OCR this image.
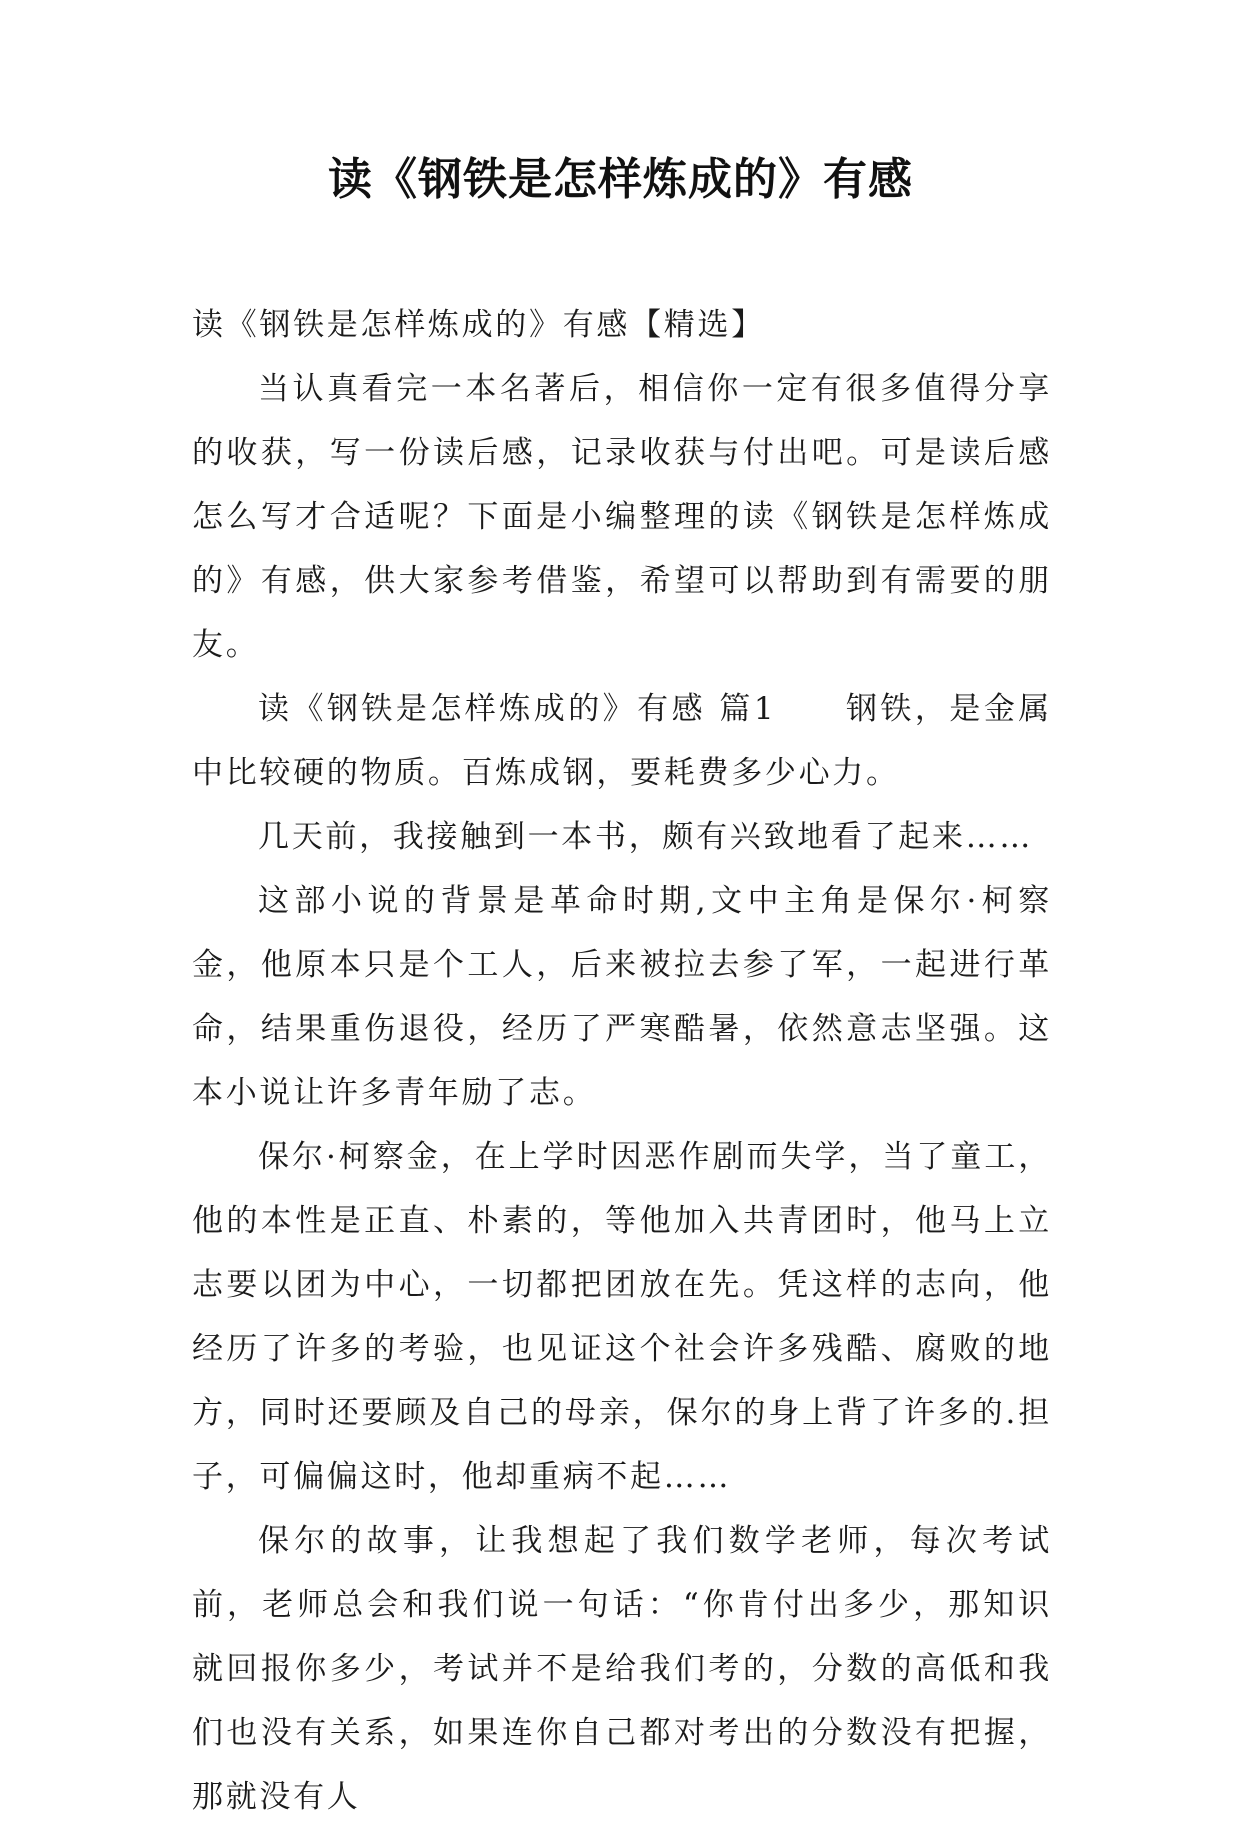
读《钢铁是怎样炼成的》有感

读《钢铁是怎样炼成的》有感【精选】

当认真看完一本名著后，相信你一定有很多值得分享的收获，写一份读后感，记录收获与付出吧。可是读后感怎么写才合适呢？下面是小编整理的读《钢铁是怎样炼成的》有感，供大家参考借鉴，希望可以帮助到有需要的朋友。

读《钢铁是怎样炼成的》有感 篇1　　钢铁，是金属中比较硬的物质。百炼成钢，要耗费多少心力。

几天前，我接触到一本书，颇有兴致地看了起来……

这部小说的背景是革命时期,文中主角是保尔·柯察金，他原本只是个工人，后来被拉去参了军，一起进行革命，结果重伤退役，经历了严寒酷暑，依然意志坚强。这本小说让许多青年励了志。

保尔·柯察金，在上学时因恶作剧而失学，当了童工，他的本性是正直、朴素的，等他加入共青团时，他马上立志要以团为中心，一切都把团放在先。凭这样的志向，他经历了许多的考验，也见证这个社会许多残酷、腐败的地方，同时还要顾及自己的母亲，保尔的身上背了许多的.担子，可偏偏这时，他却重病不起……

保尔的故事，让我想起了我们数学老师，每次考试前，老师总会和我们说一句话：“你肯付出多少，那知识就回报你多少，考试并不是给我们考的，分数的高低和我们也没有关系，如果连你自己都对考出的分数没有把握，那就没有人
